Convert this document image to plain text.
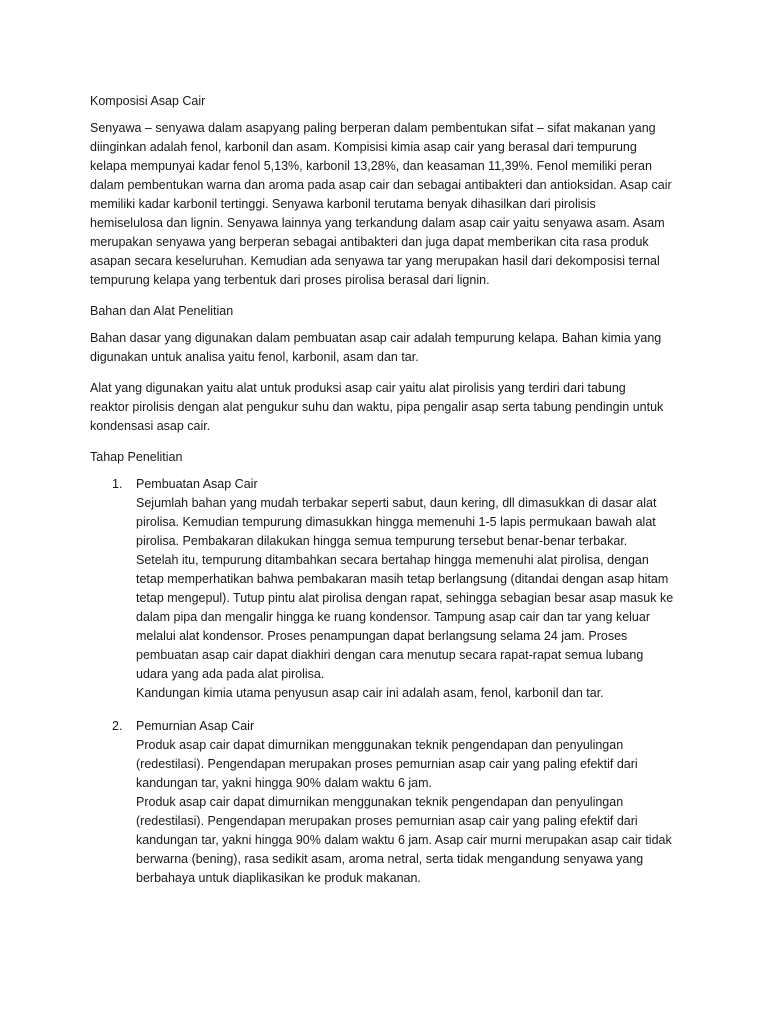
Komposisi Asap Cair
Senyawa – senyawa dalam asapyang paling berperan dalam pembentukan sifat – sifat makanan yang
diinginkan adalah fenol, karbonil dan asam. Kompisisi kimia asap cair yang berasal dari tempurung
kelapa mempunyai kadar fenol 5,13%, karbonil 13,28%, dan keasaman 11,39%. Fenol memiliki peran
dalam pembentukan warna dan aroma pada asap cair dan sebagai antibakteri dan antioksidan. Asap cair
memiliki kadar karbonil tertinggi. Senyawa karbonil terutama benyak dihasilkan dari pirolisis
hemiselulosa dan lignin. Senyawa lainnya yang terkandung dalam asap cair yaitu senyawa asam. Asam
merupakan senyawa yang berperan sebagai antibakteri dan juga dapat memberikan cita rasa produk
asapan secara keseluruhan. Kemudian ada senyawa tar yang merupakan hasil dari dekomposisi ternal
tempurung kelapa yang terbentuk dari proses pirolisa berasal dari lignin.
Bahan dan Alat Penelitian
Bahan dasar yang digunakan dalam pembuatan asap cair adalah tempurung kelapa. Bahan kimia yang
digunakan untuk analisa yaitu fenol, karbonil, asam dan tar.
Alat yang digunakan yaitu alat untuk produksi asap cair yaitu alat pirolisis yang terdiri dari tabung
reaktor pirolisis dengan alat pengukur suhu dan waktu, pipa pengalir asap serta tabung pendingin untuk
kondensasi asap cair.
Tahap Penelitian
1. Pembuatan Asap Cair
Sejumlah bahan yang mudah terbakar seperti sabut, daun kering, dll dimasukkan di dasar alat
pirolisa. Kemudian tempurung dimasukkan hingga memenuhi 1-5 lapis permukaan bawah alat
pirolisa. Pembakaran dilakukan hingga semua tempurung tersebut benar-benar terbakar.
Setelah itu, tempurung ditambahkan secara bertahap hingga memenuhi alat pirolisa, dengan
tetap memperhatikan bahwa pembakaran masih tetap berlangsung (ditandai dengan asap hitam
tetap mengepul). Tutup pintu alat pirolisa dengan rapat, sehingga sebagian besar asap masuk ke
dalam pipa dan mengalir hingga ke ruang kondensor. Tampung asap cair dan tar yang keluar
melalui alat kondensor. Proses penampungan dapat berlangsung selama 24 jam. Proses
pembuatan asap cair dapat diakhiri dengan cara menutup secara rapat-rapat semua lubang
udara yang ada pada alat pirolisa.
Kandungan kimia utama penyusun asap cair ini adalah asam, fenol, karbonil dan tar.
2. Pemurnian Asap Cair
Produk asap cair dapat dimurnikan menggunakan teknik pengendapan dan penyulingan
(redestilasi). Pengendapan merupakan proses pemurnian asap cair yang paling efektif dari
kandungan tar, yakni hingga 90% dalam waktu 6 jam.
Produk asap cair dapat dimurnikan menggunakan teknik pengendapan dan penyulingan
(redestilasi). Pengendapan merupakan proses pemurnian asap cair yang paling efektif dari
kandungan tar, yakni hingga 90% dalam waktu 6 jam. Asap cair murni merupakan asap cair tidak
berwarna (bening), rasa sedikit asam, aroma netral, serta tidak mengandung senyawa yang
berbahaya untuk diaplikasikan ke produk makanan.
